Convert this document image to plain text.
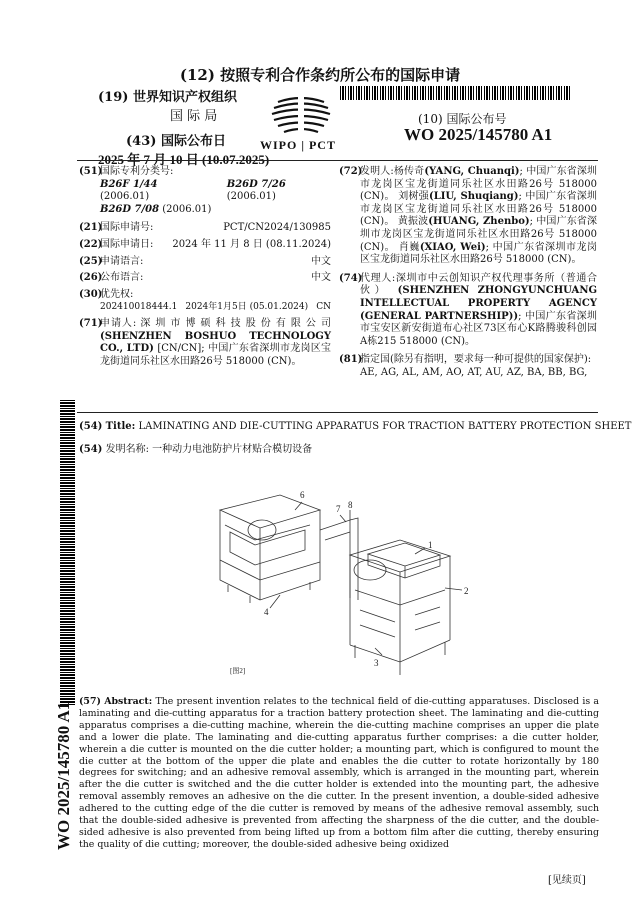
(12) 按照专利合作条约所公布的国际申请
(19) 世界知识产权组织
国 际 局
(43) 国际公布日
2025 年 7 月 10 日 (10.07.2025)
WIPO | PCT
(10) 国际公布号
WO 2025/145780 A1
(51)
国际专利分类号:
B26F 1/44 (2006.01)
B26D 7/26 (2006.01)
B26D 7/08 (2006.01)
(21)
国际申请号:	PCT/CN2024/130985
(22)
国际申请日: 2024 年 11 月 8 日 (08.11.2024)
(25)
申请语言:	中文
(26)
公布语言:	中文
(30)
优先权:
202410018444.1 2024年1月5日 (05.01.2024) CN
(71)
申请人: 深 圳 市 博 硕 科 技 股 份 有 限 公 司 (SHENZHEN BOSHUO TECHNOLOGY CO., LTD) [CN/CN]; 中国广东省深圳市龙岗区宝龙街道同乐社区水田路26号 518000 (CN)。
(72)
发明人:杨传奇(YANG, Chuanqi); 中国广东省深圳市龙岗区宝龙街道同乐社区水田路26号 518000 (CN)。 刘树强(LIU, Shuqiang); 中国广东省深圳市龙岗区宝龙街道同乐社区水田路26号 518000 (CN)。 黄振波(HUANG, Zhenbo); 中国广东省深圳市龙岗区宝龙街道同乐社区水田路26号 518000 (CN)。 肖巍(XIAO, Wei); 中国广东省深圳市龙岗区宝龙街道同乐社区水田路26号 518000 (CN)。
(74)
代理人:深圳市中云创知识产权代理事务所（普通合伙） (SHENZHEN ZHONGYUNCHUANG INTELLECTUAL PROPERTY AGENCY (GENERAL PARTNERSHIP)); 中国广东省深圳市宝安区新安街道布心社区73区布心K路腾骏科创园A栋215 518000 (CN)。
(81)
指定国(除另有指明，要求每一种可提供的国家保护): AE, AG, AL, AM, AO, AT, AU, AZ, BA, BB, BG,
(54) Title: LAMINATING AND DIE-CUTTING APPARATUS FOR TRACTION BATTERY PROTECTION SHEET
(54) 发明名称: 一种动力电池防护片材贴合模切设备
6
7 8
1
2
3
4
[图2]
(57) Abstract: The present invention relates to the technical field of die-cutting apparatuses. Disclosed is a laminating and die-cutting apparatus for a traction battery protection sheet. The laminating and die-cutting apparatus comprises a die-cutting machine, wherein the die-cutting machine comprises an upper die plate and a lower die plate. The laminating and die-cutting apparatus further comprises: a die cutter holder, wherein a die cutter is mounted on the die cutter holder; a mounting part, which is configured to mount the die cutter at the bottom of the upper die plate and enables the die cutter to rotate horizontally by 180 degrees for switching; and an adhesive removal assembly, which is arranged in the mounting part, wherein after the die cutter is switched and the die cutter holder is extended into the mounting part, the adhesive removal assembly removes an adhesive on the die cutter. In the present invention, a double-sided adhesive adhered to the cutting edge of the die cutter is removed by means of the adhesive removal assembly, such that the double-sided adhesive is prevented from affecting the sharpness of the die cutter, and the double-sided adhesive is also prevented from being lifted up from a bottom film after die cutting, thereby ensuring the quality of die cutting; moreover, the double-sided adhesive being oxidized
WO 2025/145780 A1
[见续页]
